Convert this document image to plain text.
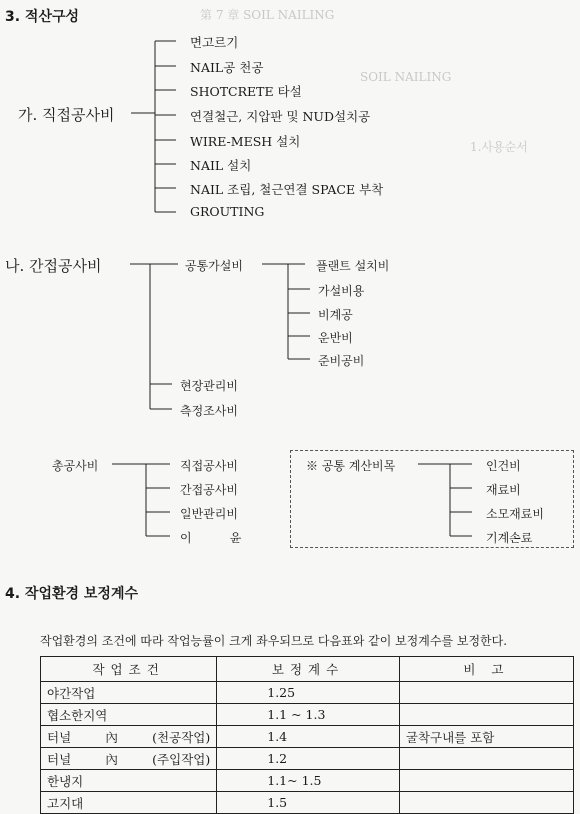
第 7 章 SOIL NAILING
SOIL NAILING
1.사용순서
3. 적산구성
가. 직접공사비
면고르기
NAIL공 천공
SHOTCRETE 타설
연결철근, 지압판 및 NUD설치공
WIRE-MESH 설치
NAIL 설치
NAIL 조립, 철근연결 SPACE 부착
GROUTING
나. 간접공사비	공통가설비	플랜트 설치비
가설비용
비계공
운반비
준비공비
현장관리비
측정조사비
총공사비	직접공사비
간접공사비
일반관리비
이          윤
※ 공통 계산비목	인건비
재료비
소모재료비
기계손료
4. 작업환경 보정계수
작업환경의 조건에 따라 작업능률이 크게 좌우되므로 다음표와 같이 보정계수를 보정한다.
작업조건	보정계수	비 고
야간작업	1.25	
협소한지역	1.1 ~ 1.3	
터널內(천공작업)	1.4	굴착구내를 포함
터널內(주입작업)	1.2	
한냉지	1.1~ 1.5	
고지대	1.5	
